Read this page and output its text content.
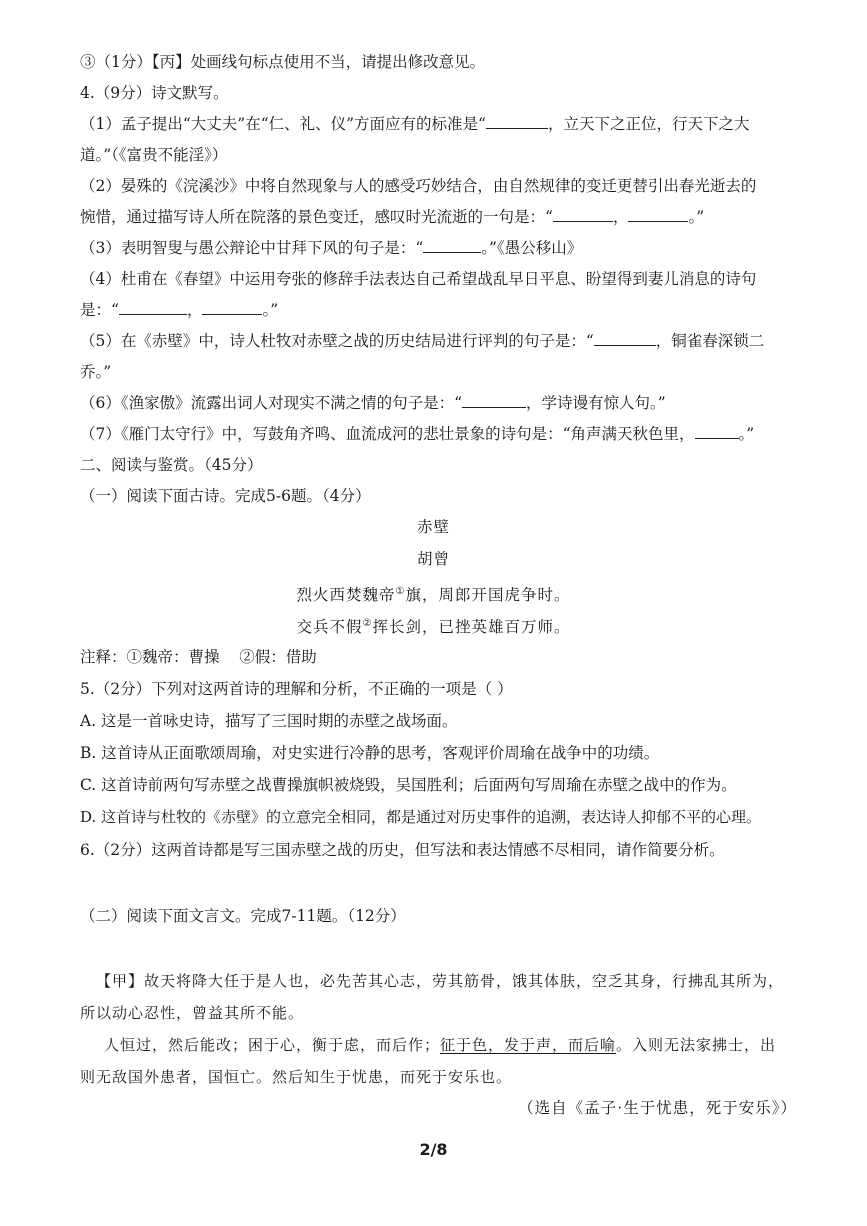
③（1分）【丙】处画线句标点使用不当，请提出修改意见。
4.（9分）诗文默写。
（1）孟子提出“大丈夫”在“仁、礼、仪”方面应有的标准是“	，立天下之正位，行天下之大
道。”（《富贵不能淫》）
（2）晏殊的《浣溪沙》中将自然现象与人的感受巧妙结合，由自然规律的变迁更替引出春光逝去的
惋惜，通过描写诗人所在院落的景色变迁，感叹时光流逝的一句是：“	，	。”
（3）表明智叟与愚公辩论中甘拜下风的句子是：“	。”《愚公移山》
（4）杜甫在《春望》中运用夸张的修辞手法表达自己希望战乱早日平息、盼望得到妻儿消息的诗句
是：“	，	。”
（5）在《赤壁》中，诗人杜牧对赤壁之战的历史结局进行评判的句子是：“	，铜雀春深锁二
乔。”
（6）《渔家傲》流露出词人对现实不满之情的句子是：“	，学诗谩有惊人句。”
（7）《雁门太守行》中，写鼓角齐鸣、血流成河的悲壮景象的诗句是：“角声满天秋色里，	。”
二、阅读与鉴赏。（45分）
（一）阅读下面古诗。完成5-6题。（4分）
赤壁
胡曾
烈火西焚魏帝①旗，周郎开国虎争时。
交兵不假②挥长剑，已挫英雄百万师。
注释：①魏帝：曹操    ②假：借助
5.（2分）下列对这两首诗的理解和分析，不正确的一项是（ ）
A. 这是一首咏史诗，描写了三国时期的赤壁之战场面。
B. 这首诗从正面歌颂周瑜，对史实进行冷静的思考，客观评价周瑜在战争中的功绩。
C. 这首诗前两句写赤壁之战曹操旗帜被烧毁，吴国胜利；后面两句写周瑜在赤壁之战中的作为。
D. 这首诗与杜牧的《赤壁》的立意完全相同，都是通过对历史事件的追溯，表达诗人抑郁不平的心理。
6.（2分）这两首诗都是写三国赤壁之战的历史，但写法和表达情感不尽相同，请作简要分析。
（二）阅读下面文言文。完成7-11题。（12分）
【甲】故天将降大任于是人也，必先苦其心志，劳其筋骨，饿其体肤，空乏其身，行拂乱其所为，
所以动心忍性，曾益其所不能。
人恒过，然后能改；困于心，衡于虑，而后作；征于色，发于声，而后喻。入则无法家拂士，出
则无敌国外患者，国恒亡。然后知生于忧患，而死于安乐也。
（选自《孟子·生于忧患，死于安乐》）
2/8
